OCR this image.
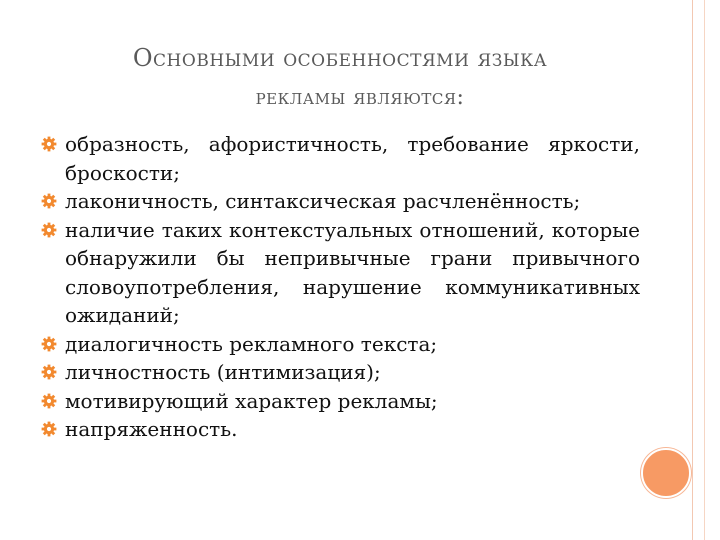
Основными особенностями языка
рекламы являются:
образность, афористичность, требование яркости, броскости;
лаконичность, синтаксическая расчленённость;
наличие таких контекстуальных отношений, которые обнаружили бы непривычные грани привычного словоупотребления, нарушение коммуникативных ожиданий;
диалогичность рекламного текста;
личностность (интимизация);
мотивирующий характер рекламы;
напряженность.
